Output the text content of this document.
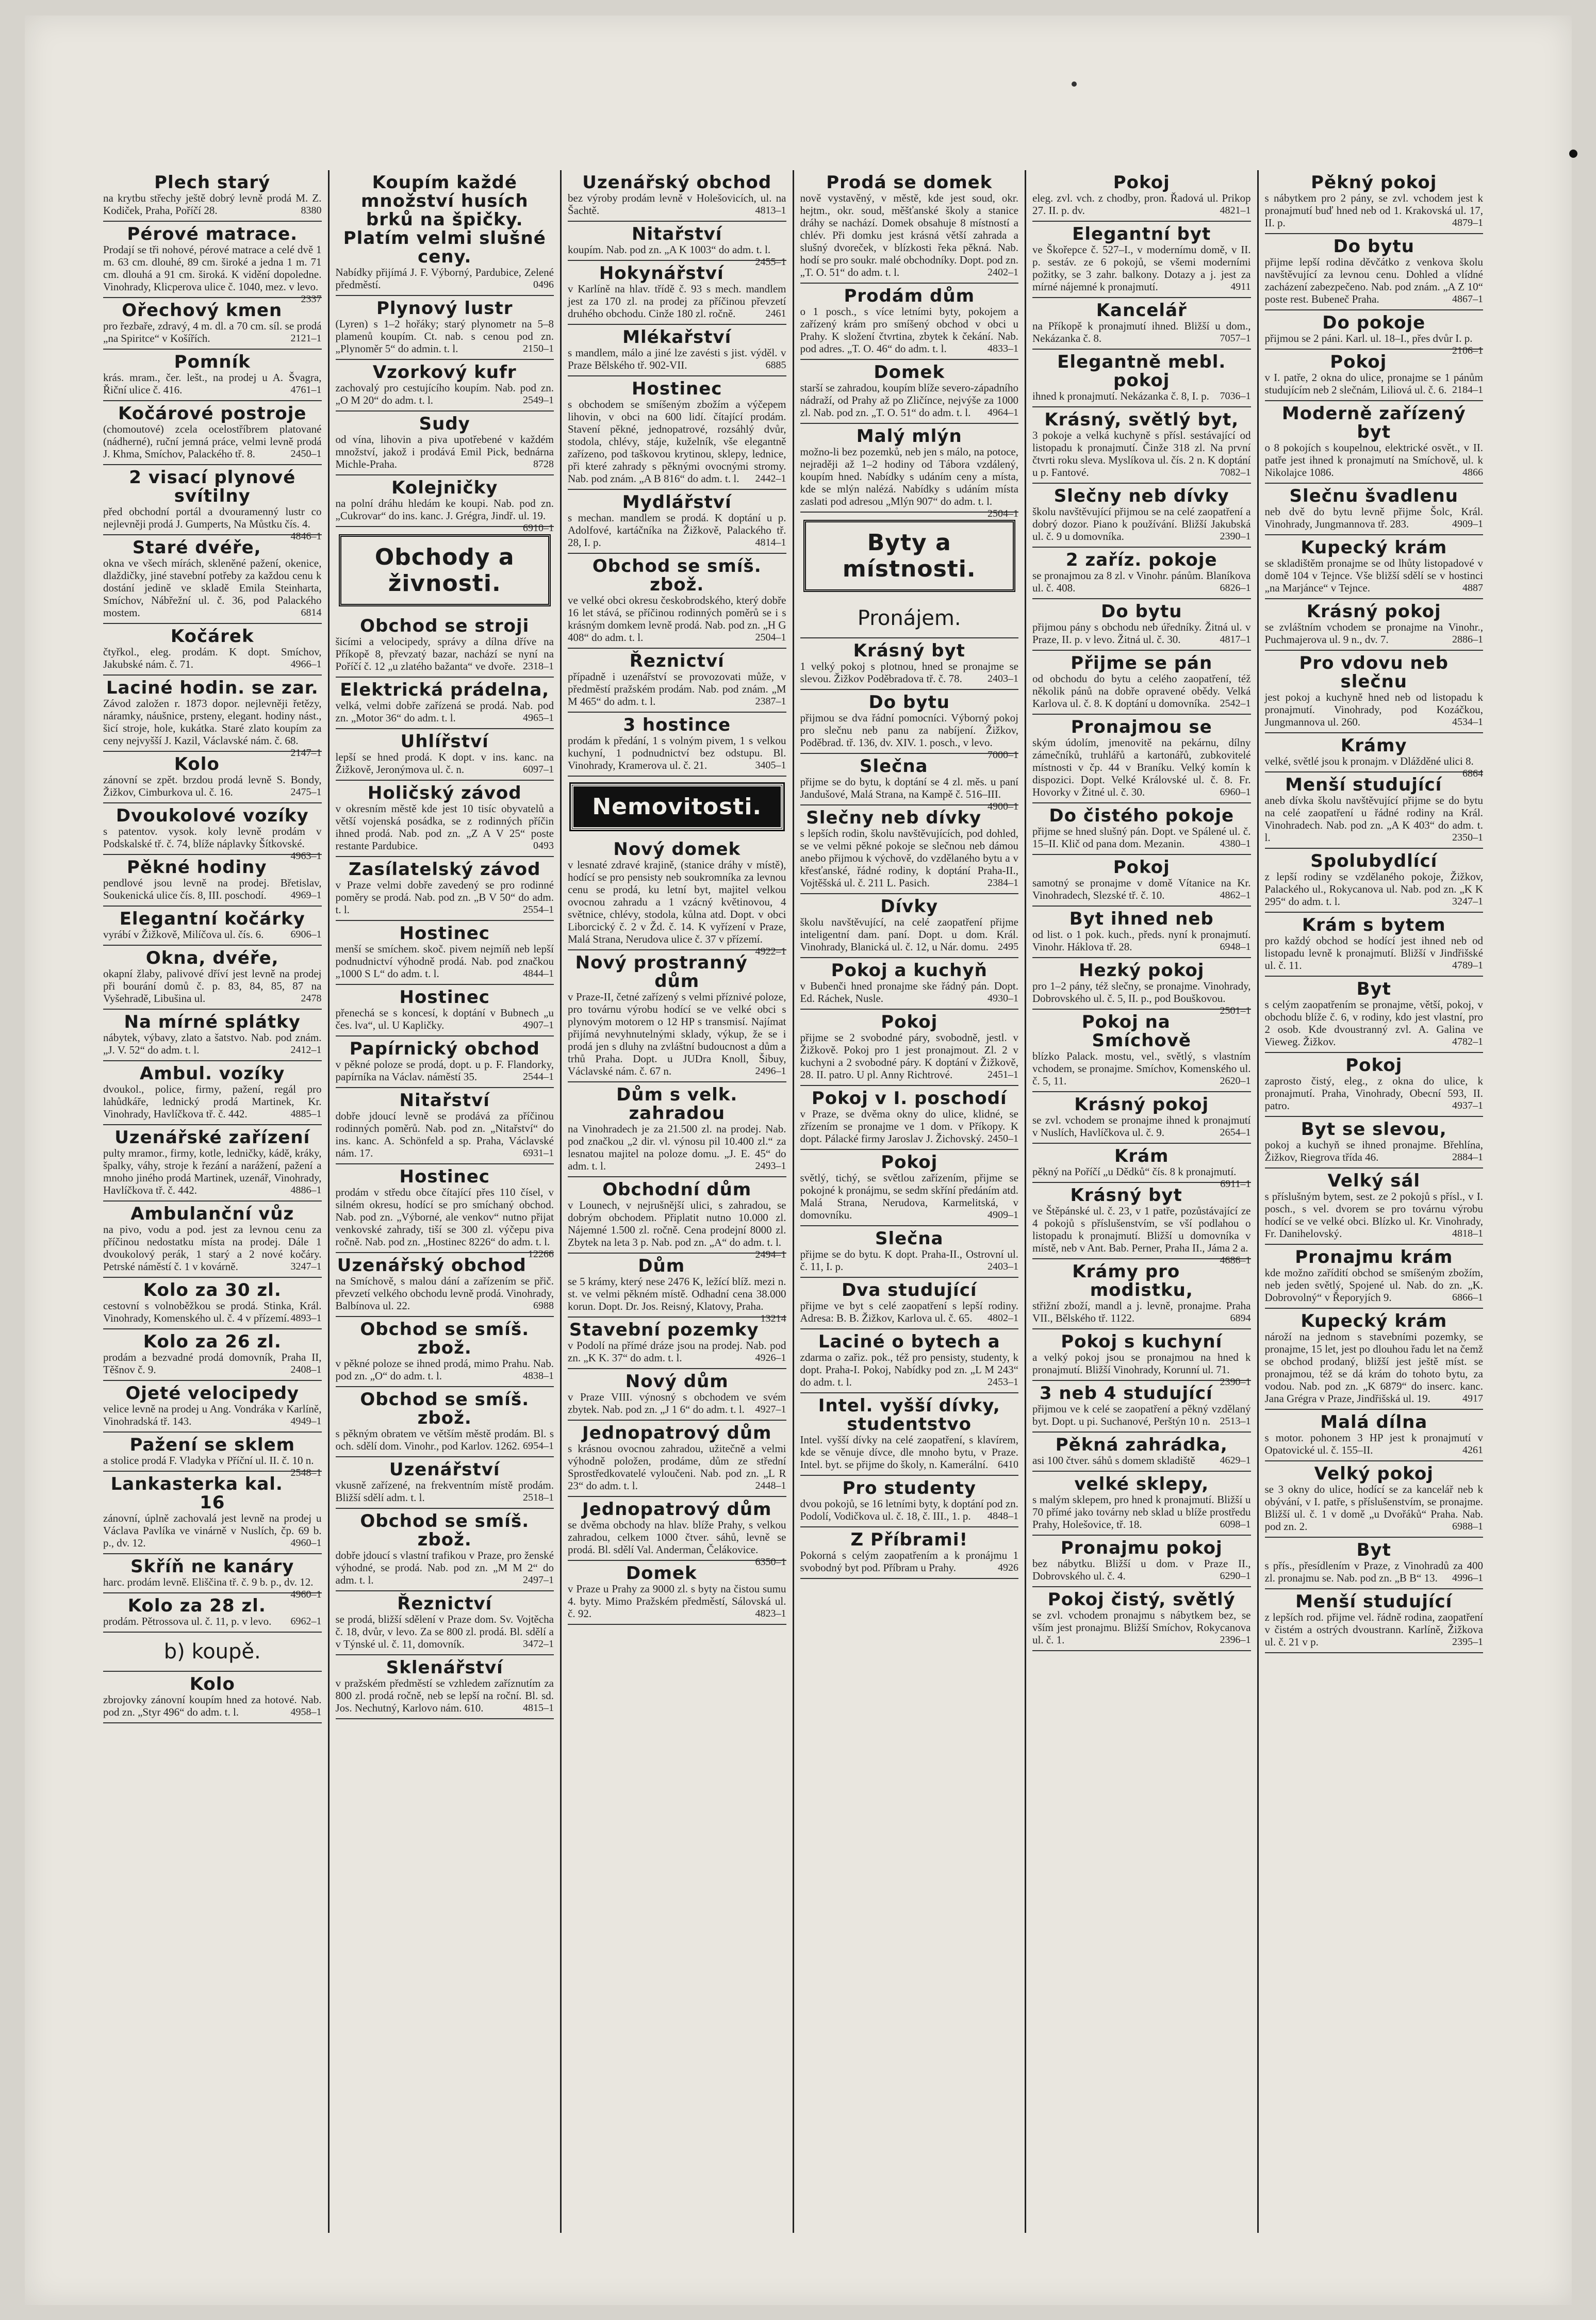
Plech starý
na krytbu střechy ještě dobrý levně prodá M. Z. Kodiček, Praha, Poříčí 28.	8380
Pérové matrace.
Prodají se tři nohové, pérové matrace a celé dvě 1 m. 63 cm. dlouhé, 89 cm. široké a jedna 1 m. 71 cm. dlouhá a 91 cm. široká. K vidění dopoledne. Vinohrady, Klicperova ulice č. 1040, mez. v levo.
2337
Ořechový kmen
pro řezbaře, zdravý, 4 m. dl. a 70 cm. síl. se prodá „na Spiritce“ v Košířích.	2121–1
Pomník
krás. mram., čer. lešt., na prodej u A. Švagra, Řiční ulice č. 416.	4761–1
Kočárové postroje
(chomoutové) zcela ocelostříbrem platované (nádherné), ruční jemná práce, velmi levně prodá J. Khma, Smíchov, Palackého tř. 8.	2450–1
2 visací plynové svítilny
před obchodní portál a dvouramenný lustr co nejlevněji prodá J. Gumperts, Na Můstku čís. 4.
4846–1
Staré dvéře,
okna ve všech mírách, skleněné pažení, okenice, dlaždičky, jiné stavební potřeby za každou cenu k dostání jedině ve skladě Emila Steinharta, Smíchov, Nábřežní ul. č. 36, pod Palackého mostem.	6814
Kočárek
čtyřkol., eleg. prodám. K dopt. Smíchov, Jakubské nám. č. 71.	4966–1
Laciné hodin. se zar.
Závod založen r. 1873 dopor. nejlevněji řetězy, náramky, náušnice, prsteny, elegant. hodiny nást., šicí stroje, hole, kukátka. Staré zlato koupím za ceny nejvyšší J. Kazil, Václavské nám. č. 68.
2147–1
Kolo
zánovní se zpět. brzdou prodá levně S. Bondy, Žižkov, Cimburkova ul. č. 16.	2475–1
Dvoukolové vozíky
s patentov. vysok. koly levně prodám v Podskalské tř. č. 74, blíže náplavky Šítkovské.
4963–1
Pěkné hodiny
pendlové jsou levně na prodej. Břetislav, Soukenická ulice čís. 8, III. poschodí. 4969–1
Elegantní kočárky
vyrábí v Žižkově, Milíčova ul. čís. 6.	6906–1
Okna, dvéře,
okapní žlaby, palivové dříví jest levně na prodej při bourání domů č. p. 83, 84, 85, 87 na Vyšehradě, Libušina ul.	2478
Na mírné splátky
nábytek, výbavy, zlato a šatstvo. Nab. pod znám. „J. V. 52“ do adm. t. l.	2412–1
Ambul. vozíky
dvoukol., police, firmy, pažení, regál pro lahůdkáře, lednický prodá Martinek, Kr. Vinohrady, Havlíčkova tř. č. 442.	4885–1
Uzenářské zařízení
pulty mramor., firmy, kotle, ledničky, kádě, kráky, špalky, váhy, stroje k řezání a narážení, pažení a mnoho jiného prodá Martinek, uzenář, Vinohrady, Havlíčkova tř. č. 442.	4886–1
Ambulanční vůz
na pivo, vodu a pod. jest za levnou cenu za příčinou nedostatku místa na prodej. Dále 1 dvoukolový perák, 1 starý a 2 nové kočáry. Petrské náměstí č. 1 v kovárně.	3247–1
Kolo za 30 zl.
cestovní s volnoběžkou se prodá. Stinka, Král. Vinohrady, Komenského ul. č. 4 v přízemí. 4893–1
Kolo za 26 zl.
prodám a bezvadné prodá domovník, Praha II, Těšnov č. 9.	2408–1
Ojeté velocipedy
velice levně na prodej u Ang. Vondráka v Karlíně, Vinohradská tř. 143.	4949–1
Pažení se sklem
a stolice prodá F. Vladyka v Příční ul. II. č. 10 n.
2548–1
Lankasterka kal. 16
zánovní, úplně zachovalá jest levně na prodej u Václava Pavlíka ve vinárně v Nuslích, čp. 69 b. p., dv. 12.	4960–1
Skříň ne kanáry
harc. prodám levně. Eliščina tř. č. 9 b. p., dv. 12.
4960–1
Kolo za 28 zl.
prodám. Pětrossova ul. č. 11, p. v levo. 6962–1
b) koupě.
Kolo
zbrojovky zánovní koupím hned za hotové. Nab. pod zn. „Styr 496“ do adm. t. l.	4958–1
Koupím každé množství husích brků na špičky. Platím velmi slušné ceny.
Nabídky přijímá J. F. Výborný, Pardubice, Zelené předměstí.	0496
Plynový lustr
(Lyren) s 1–2 hořáky; starý plynometr na 5–8 plamenů koupím. Ct. nab. s cenou pod zn. „Plynoměr 5“ do admin. t. l.	2150–1
Vzorkový kufr
zachovalý pro cestujícího koupím. Nab. pod zn. „O M 20“ do adm. t. l.	2549–1
Sudy
od vína, lihovin a piva upotřebené v každém množství, jakož i prodává Emil Pick, bednárna Michle-Praha.	8728
Kolejničky
na polní dráhu hledám ke koupi. Nab. pod zn. „Cukrovar“ do ins. kanc. J. Grégra, Jindř. ul. 19.
6910–1
Obchody a živnosti.
Obchod se stroji
šicími a velocipedy, správy a dílna dříve na Příkopě 8, převzatý bazar, nachází se nyní na Poříčí č. 12 „u zlatého bažanta“ ve dvoře. 2318–1
Elektrická prádelna,
velká, velmi dobře zařízená se prodá. Nab. pod zn. „Motor 36“ do adm. t. l.	4965–1
Uhlířství
lepší se hned prodá. K dopt. v ins. kanc. na Žižkově, Jeronýmova ul. č. n.	6097–1
Holičský závod
v okresním městě kde jest 10 tisíc obyvatelů a větší vojenská posádka, se z rodinných příčin ihned prodá. Nab. pod zn. „Z A V 25“ poste restante Pardubice.	0493
Zasílatelský závod
v Praze velmi dobře zavedený se pro rodinné poměry se prodá. Nab. pod zn. „B V 50“ do adm. t. l.	2554–1
Hostinec
menší se smíchem. skoč. pivem nejmíň neb lepší podnudnictví výhodně prodá. Nab. pod značkou „1000 S L“ do adm. t. l.	4844–1
Hostinec
přenechá se s koncesí, k doptání v Bubnech „u čes. lva“, ul. U Kapličky.	4907–1
Papírnický obchod
v pěkné poloze se prodá, dopt. u p. F. Flandorky, papírníka na Václav. náměstí 35.	2544–1
Nitařství
dobře jdoucí levně se prodává za příčinou rodinných poměrů. Nab. pod zn. „Nitařství“ do ins. kanc. A. Schönfeld a sp. Praha, Václavské nám. 17.	6931–1
Hostinec
prodám v středu obce čítající přes 110 čísel, v silném okresu, hodící se pro smíchaný obchod. Nab. pod zn. „Výborné, ale venkov“ nutno přijat venkovské zahrady, tiší se 300 zl. výčepu piva ročně. Nab. pod zn. „Hostinec 8226“ do adm. t. l.
12266
Uzenářský obchod
na Smíchově, s malou dání a zařízením se přič. převzetí velkého obchodu levně prodá. Vinohrady, Balbínova ul. 22.	6988
Obchod se smíš. zbož.
v pěkné poloze se ihned prodá, mimo Prahu. Nab. pod zn. „O“ do adm. t. l.	4838–1
Obchod se smíš. zbož.
s pěkným obratem ve větším městě prodám. Bl. s och. sdělí dom. Vinohr., pod Karlov. 1262. 6954–1
Uzenářství
vkusně zařízené, na frekventním místě prodám. Bližší sdělí adm. t. l.	2518–1
Obchod se smíš. zbož.
dobře jdoucí s vlastní trafikou v Praze, pro ženské výhodné, se prodá. Nab. pod zn. „M M 2“ do adm. t. l.	2497–1
Řeznictví
se prodá, bližší sdělení v Praze dom. Sv. Vojtěcha č. 18, dvůr, v levo. Za se 800 zl. prodá. Bl. sdělí a v Týnské ul. č. 11, domovník.	3472–1
Sklenářství
v pražském předměstí se vzhledem zaříznutím za 800 zl. prodá ročně, neb se lepší na roční. Bl. sd. Jos. Nechutný, Karlovo nám. 610.	4815–1
Uzenářský obchod
bez výroby prodám levně v Holešovicích, ul. na Šachtě.	4813–1
Nitařství
koupím. Nab. pod zn. „A K 1003“ do adm. t. l.
2455–1
Hokynářství
v Karlíně na hlav. třídě č. 93 s mech. mandlem jest za 170 zl. na prodej za příčinou převzetí druhého obchodu. Cinže 180 zl. ročně.	2461
Mlékařství
s mandlem, málo a jiné lze zavésti s jist. výděl. v Praze Bělského tř. 902-VII.	6885
Hostinec
s obchodem se smíšeným zbožím a výčepem lihovin, v obci na 600 lidí. čítající prodám. Stavení pěkné, jednopatrové, rozsáhlý dvůr, stodola, chlévy, stáje, kuželník, vše elegantně zařízeno, pod taškovou krytinou, sklepy, lednice, při které zahrady s pěknými ovocnými stromy. Nab. pod znám. „A B 816“ do adm. t. l. 2442–1
Mydlářství
s mechan. mandlem se prodá. K doptání u p. Adolfové, kartáčníka na Žižkově, Palackého tř. 28, I. p.	4814–1
Obchod se smíš. zbož.
ve velké obci okresu českobrodského, který dobře 16 let stává, se příčinou rodinných poměrů se i s krásným domkem levně prodá. Nab. pod zn. „H G 408“ do adm. t. l.	2504–1
Řeznictví
případně i uzenářství se provozovati může, v předměstí pražském prodám. Nab. pod znám. „M M 465“ do adm. t. l.	2387–1
3 hostince
prodám k předání, 1 s volným pivem, 1 s velkou kuchyní, 1 podnudnictví bez odstupu. Bl. Vinohrady, Kramerova ul. č. 21.	3405–1
Nemovitosti.
Nový domek
v lesnaté zdravé krajině, (stanice dráhy v místě), hodící se pro pensisty neb soukromníka za levnou cenu se prodá, ku letní byt, majitel velkou ovocnou zahradu a 1 vzácný květinovou, 4 světnice, chlévy, stodola, kůlna atd. Dopt. v obci Liborcický č. 2 v Žd. č. 14. K vyřízení v Praze, Malá Strana, Nerudova ulice č. 37 v přízemí.
4922–1
Nový prostranný dům
v Praze-II, četné zařízený s velmi příznivé poloze, pro továrnu výrobu hodící se ve velké obci s plynovým motorem o 12 HP s transmisí. Najímat přijímá nevyhnutelnými sklady, výkup, že se i prodá jen s dluhy na zvláštní budoucnost a dům a trhů Praha. Dopt. u JUDra Knoll, Šibuy, Václavské nám. č. 67 n.	2496–1
Dům s velk. zahradou
na Vinohradech je za 21.500 zl. na prodej. Nab. pod značkou „2 dir. vl. výnosu pil 10.400 zl.“ za lesnatou majitel na poloze domu. „J. E. 45“ do adm. t. l.	2493–1
Obchodní dům
v Lounech, v nejrušnější ulici, s zahradou, se dobrým obchodem. Připlatit nutno 10.000 zl. Nájemné 1.500 zl. ročně. Cena prodejní 8000 zl. Zbytek na leta 3 p. Nab. pod zn. „A“ do adm. t. l.
2494–1
Dům
se 5 krámy, který nese 2476 K, ležící blíž. mezi n. st. ve velmi pěkném místě. Odhadní cena 38.000 korun. Dopt. Dr. Jos. Reisný, Klatovy, Praha.
13214
Stavební pozemky
v Podolí na přímé dráze jsou na prodej. Nab. pod zn. „K K. 37“ do adm. t. l.	4926–1
Nový dům
v Praze VIII. výnosný s obchodem ve svém zbytek. Nab. pod zn. „J 1 6“ do adm. t. l. 4927–1
Jednopatrový dům
s krásnou ovocnou zahradou, užitečně a velmi výhodně položen, prodáme, dům ze střední Sprostředkovatelé vyloučeni. Nab. pod zn. „L R 23“ do adm. t. l.	2448–1
Jednopatrový dům
se dvěma obchody na hlav. blíže Prahy, s velkou zahradou, celkem 1000 čtver. sáhů, levně se prodá. Bl. sdělí Val. Anderman, Čelákovice.
6350–1
Domek
v Praze u Prahy za 9000 zl. s byty na čistou sumu 4. byty. Mimo Pražském předměstí, Sálovská ul. č. 92.	4823–1
Prodá se domek
nově vystavěný, v městě, kde jest soud, okr. hejtm., okr. soud, měšťanské školy a stanice dráhy se nachází. Domek obsahuje 8 místností a chlév. Při domku jest krásná větší zahrada a slušný dvoreček, v blízkosti řeka pěkná. Nab. hodí se pro soukr. malé obchodníky. Dopt. pod zn. „T. O. 51“ do adm. t. l.	2402–1
Prodám dům
o 1 posch., s více letními byty, pokojem a zařízený krám pro smíšený obchod v obci u Prahy. K složení čtvrtina, zbytek k čekání. Nab. pod adres. „T. O. 46“ do adm. t. l.	4833–1
Domek
starší se zahradou, koupím blíže severo-západního nádraží, od Prahy až po Zličínce, nejvýše za 1000 zl. Nab. pod zn. „T. O. 51“ do adm. t. l. 4964–1
Malý mlýn
možno-li bez pozemků, neb jen s málo, na potoce, nejraději až 1–2 hodiny od Tábora vzdálený, koupím hned. Nabídky s udáním ceny a místa, kde se mlýn nalézá. Nabídky s udáním místa zaslati pod adresou „Mlýn 907“ do adm. t. l.
2504–1
Byty a místnosti.
Pronájem.
Krásný byt
1 velký pokoj s plotnou, hned se pronajme se slevou. Žižkov Poděbradova tř. č. 78. 2403–1
Do bytu
přijmou se dva řádní pomocníci. Výborný pokoj pro slečnu neb panu za nabíjení. Žižkov, Poděbrad. tř. 136, dv. XIV. 1. posch., v levo.
7000–1
Slečna
přijme se do bytu, k doptání se 4 zl. měs. u paní Jandušové, Malá Strana, na Kampě č. 516–III.
4900–1
Slečny neb dívky
s lepších rodin, školu navštěvujících, pod dohled, se ve velmi pěkné pokoje se slečnou neb dámou anebo přijmou k výchově, do vzdělaného bytu a v křesťanské, řádné rodiny, k doptání Praha-II., Vojtěšská ul. č. 211 L. Pasich.	2384–1
Dívky
školu navštěvující, na celé zaopatření přijme inteligentní dam. paní. Dopt. u dom. Král. Vinohrady, Blanická ul. č. 12, u Nár. domu. 2495
Pokoj a kuchyň
v Bubenči hned pronajme ske řádný pán. Dopt. Ed. Ráchek, Nusle.	4930–1
Pokoj
přijme se 2 svobodné páry, svobodně, jestl. v Žižkově. Pokoj pro 1 jest pronajmout. Zl. 2 v kuchyni a 2 svobodné páry. K doptání v Žižkově, 28. II. patro. U pl. Anny Richtrové.	2451–1
Pokoj v I. poschodí
v Praze, se dvěma okny do ulice, klidné, se zřízením se pronajme ve 1 dom. v Příkopy. K dopt. Pálacké firmy Jaroslav J. Žichovský. 2450–1
Pokoj
světlý, tichý, se světlou zařízením, přijme se pokojné k pronájmu, se sedm skříní předáním atd. Malá Strana, Nerudova, Karmelitská, v domovníku.	4909–1
Slečna
přijme se do bytu. K dopt. Praha-II., Ostrovní ul. č. 11, I. p.	2403–1
Dva studující
přijme ve byt s celé zaopatření s lepší rodiny. Adresa: B. B. Žižkov, Karlova ul. č. 65. 4802–1
Laciné o bytech a
zdarma o zařiz. pok., též pro pensisty, studenty, k dopt. Praha-I. Pokoj, Nabídky pod zn. „L M 243“ do adm. t. l.	2453–1
Intel. vyšší dívky, studentstvo
Intel. vyšší dívky na celé zaopatření, s klavírem, kde se věnuje dívce, dle mnoho bytu, v Praze. Intel. byt. se přijme do školy, n. Kamerální. 6410
Pro studenty
dvou pokojů, se 16 letními byty, k doptání pod zn. Podolí, Vodičkova ul. č. 18, č. III., 1. p. 4848–1
Z Příbrami!
Pokorná s celým zaopatřením a k pronájmu 1 svobodný byt pod. Příbram u Prahy.	4926
Pokoj
eleg. zvl. vch. z chodby, pron. Řadová ul. Prikop 27. II. p. dv.	4821–1
Elegantní byt
ve Škořepce č. 527–I., v modernímu domě, v II. p. sestáv. ze 6 pokojů, se všemi moderními požitky, se 3 zahr. balkony. Dotazy a j. jest za mírné nájemné k pronajmutí.	4911
Kancelář
na Příkopě k pronajmutí ihned. Bližší u dom., Nekázanka č. 8.	7057–1
Elegantně mebl. pokoj
ihned k pronajmutí. Nekázanka č. 8, I. p. 7036–1
Krásný, světlý byt,
3 pokoje a velká kuchyně s přísl. sestávající od listopadu k pronajmutí. Činže 318 zl. Na první čtvrti roku sleva. Myslíkova ul. čís. 2 n. K doptání u p. Fantové.	7082–1
Slečny neb dívky
školu navštěvující přijmou se na celé zaopatření a dobrý dozor. Piano k používání. Bližší Jakubská ul. č. 9 u domovníka.	2390–1
2 zaříz. pokoje
se pronajmou za 8 zl. v Vinohr. pánům. Blaníkova ul. č. 408.	6826–1
Do bytu
přijmou pány s obchodu neb úředníky. Žitná ul. v Praze, II. p. v levo. Žitná ul. č. 30.	4817–1
Přijme se pán
od obchodu do bytu a celého zaopatření, též několik pánů na dobře opravené obědy. Velká Karlova ul. č. 8. K doptání u domovníka. 2542–1
Pronajmou se
ským údolím, jmenovitě na pekárnu, dílny zámečníků, truhlářů a kartonářů, zubkovitelé místnosti v čp. 44 v Braníku. Velký komín k dispozici. Dopt. Velké Královské ul. č. 8. Fr. Hovorky v Žitné ul. č. 30.	6960–1
Do čistého pokoje
přijme se hned slušný pán. Dopt. ve Spálené ul. č. 15–II. Klič od pana dom. Mezanin.	4380–1
Pokoj
samotný se pronajme v domě Vítanice na Kr. Vinohradech, Slezské tř. č. 10.	4862–1
Byt ihned neb
od list. o 1 pok. kuch., předs. nyní k pronajmutí. Vinohr. Háklova tř. 28.	6948–1
Hezký pokoj
pro 1–2 pány, též slečny, se pronajme. Vinohrady, Dobrovského ul. č. 5, II. p., pod Bouškovou.
2501–1
Pokoj na Smíchově
blízko Palack. mostu, vel., světlý, s vlastním vchodem, se pronajme. Smíchov, Komenského ul. č. 5, 11.	2620–1
Krásný pokoj
se zvl. vchodem se pronajme ihned k pronajmutí v Nuslích, Havlíčkova ul. č. 9.	2654–1
Krám
pěkný na Poříčí „u Dědků“ čís. 8 k pronajmutí.
6911–1
Krásný byt
ve Štěpánské ul. č. 23, v 1 patře, pozůstávající ze 4 pokojů s příslušenstvím, se vší podlahou o listopadu k pronajmutí. Bližší u domovníka v místě, neb v Ant. Bab. Perner, Praha II., Jáma 2 a.
4686–1
Krámy pro modistku,
střižní zboží, mandl a j. levně, pronajme. Praha VII., Bělského tř. 1122.	6894
Pokoj s kuchyní
a velký pokoj jsou se pronajmou na hned k pronajmutí. Bližší Vinohrady, Korunní ul. 71.
2390–1
3 neb 4 studující
přijmou ve k celé se zaopatření a pěkný vzdělaný byt. Dopt. u pi. Suchanové, Perštýn 10 n. 2513–1
Pěkná zahrádka,
asi 100 čtver. sáhů s domem skladiště 4629–1
velké sklepy,
s malým sklepem, pro hned k pronajmutí. Bližší u 70 přímé jako továrny neb sklad u blíže prostředu Prahy, Holešovice, tř. 18.	6098–1
Pronajmu pokoj
bez nábytku. Bližší u dom. v Praze II., Dobrovského ul. č. 4.	6290–1
Pokoj čistý, světlý
se zvl. vchodem pronajmu s nábytkem bez, se vším jest pronajmu. Bližší Smíchov, Rokycanova ul. č. 1.	2396–1
Pěkný pokoj
s nábytkem pro 2 pány, se zvl. vchodem jest k pronajmutí buď hned neb od 1. Krakovská ul. 17, II. p.	4879–1
Do bytu
přijme lepší rodina děvčátko z venkova školu navštěvující za levnou cenu. Dohled a vlídné zacházení zabezpečeno. Nab. pod znám. „A Z 10“ poste rest. Bubeneč Praha.	4867–1
Do pokoje
přijmou se 2 páni. Karl. ul. 18–I., přes dvůr I. p.
2106–1
Pokoj
v I. patře, 2 okna do ulice, pronajme se 1 pánům studujícím neb 2 slečnám, Liliová ul. č. 6. 2184–1
Moderně zařízený byt
o 8 pokojích s koupelnou, elektrické osvět., v II. patře jest ihned k pronajmutí na Smíchově, ul. k Nikolajce 1086.	4866
Slečnu švadlenu
neb dvě do bytu levně přijme Šolc, Král. Vinohrady, Jungmannova tř. 283.	4909–1
Kupecký krám
se skladištěm pronajme se od lhůty listopadové v domě 104 v Tejnce. Vše bližší sdělí se v hostinci „na Marjánce“ v Tejnce.	4887
Krásný pokoj
se zvláštním vchodem se pronajme na Vinohr., Puchmajerova ul. 9 n., dv. 7.	2886–1
Pro vdovu neb slečnu
jest pokoj a kuchyně hned neb od listopadu k pronajmutí. Vinohrady, pod Kozáčkou, Jungmannova ul. 260.	4534–1
Krámy
velké, světlé jsou k pronajm. v Dlážděné ulici 8.
6864
Menší studující
aneb dívka školu navštěvující přijme se do bytu na celé zaopatření u řádné rodiny na Král. Vinohradech. Nab. pod zn. „A K 403“ do adm. t. l.	2350–1
Spolubydlící
z lepší rodiny se vzdělaného pokoje, Žižkov, Palackého ul., Rokycanova ul. Nab. pod zn. „K K 295“ do adm. t. l.	3247–1
Krám s bytem
pro každý obchod se hodící jest ihned neb od listopadu levně k pronajmutí. Bližší v Jindřišské ul. č. 11.	4789–1
Byt
s celým zaopatřením se pronajme, větší, pokoj, v obchodu blíže č. 6, v rodiny, kdo jest vlastní, pro 2 osob. Kde dvoustranný zvl. A. Galina ve Vieweg. Žižkov.	4782–1
Pokoj
zaprosto čistý, eleg., z okna do ulice, k pronajmutí. Praha, Vinohrady, Obecní 593, II. patro.	4937–1
Byt se slevou,
pokoj a kuchyň se ihned pronajme. Břehlína, Žižkov, Riegrova třída 46.	2884–1
Velký sál
s příslušným bytem, sest. ze 2 pokojů s přísl., v I. posch., s vel. dvorem se pro továrnu výrobu hodící se ve velké obci. Blízko ul. Kr. Vinohrady, Fr. Danihelovský.	4818–1
Pronajmu krám
kde možno zařídití obchod se smíšeným zbožím, neb jeden světlý, Spojené ul. Nab. do zn. „K. Dobrovolný“ v Řeporyjích 9.	6866–1
Kupecký krám
nároží na jednom s stavebními pozemky, se pronajme, 15 let, jest po dlouhou řadu let na čemž se obchod prodaný, bližší jest ještě míst. se pronajmou, též se dá krám do tohoto bytu, za vodou. Nab. pod zn. „K 6879“ do inserc. kanc. Jana Grégra v Praze, Jindřišská ul. 19.	4917
Malá dílna
s motor. pohonem 3 HP jest k pronajmutí v Opatovické ul. č. 155–II.	4261
Velký pokoj
se 3 okny do ulice, hodící se za kancelář neb k obývání, v I. patře, s příslušenstvím, se pronajme. Bližší ul. č. 1 v domě „u Dvořáků“ Praha. Nab. pod zn. 2.	6988–1
Byt
s přís., přesídlením v Praze, z Vinohradů za 400 zl. pronajmu se. Nab. pod zn. „B B“ 13. 4996–1
Menší studující
z lepších rod. přijme vel. řádně rodina, zaopatření v čistém a ostrých dvoustrann. Karlíně, Žižkova ul. č. 21 v p.	2395–1
